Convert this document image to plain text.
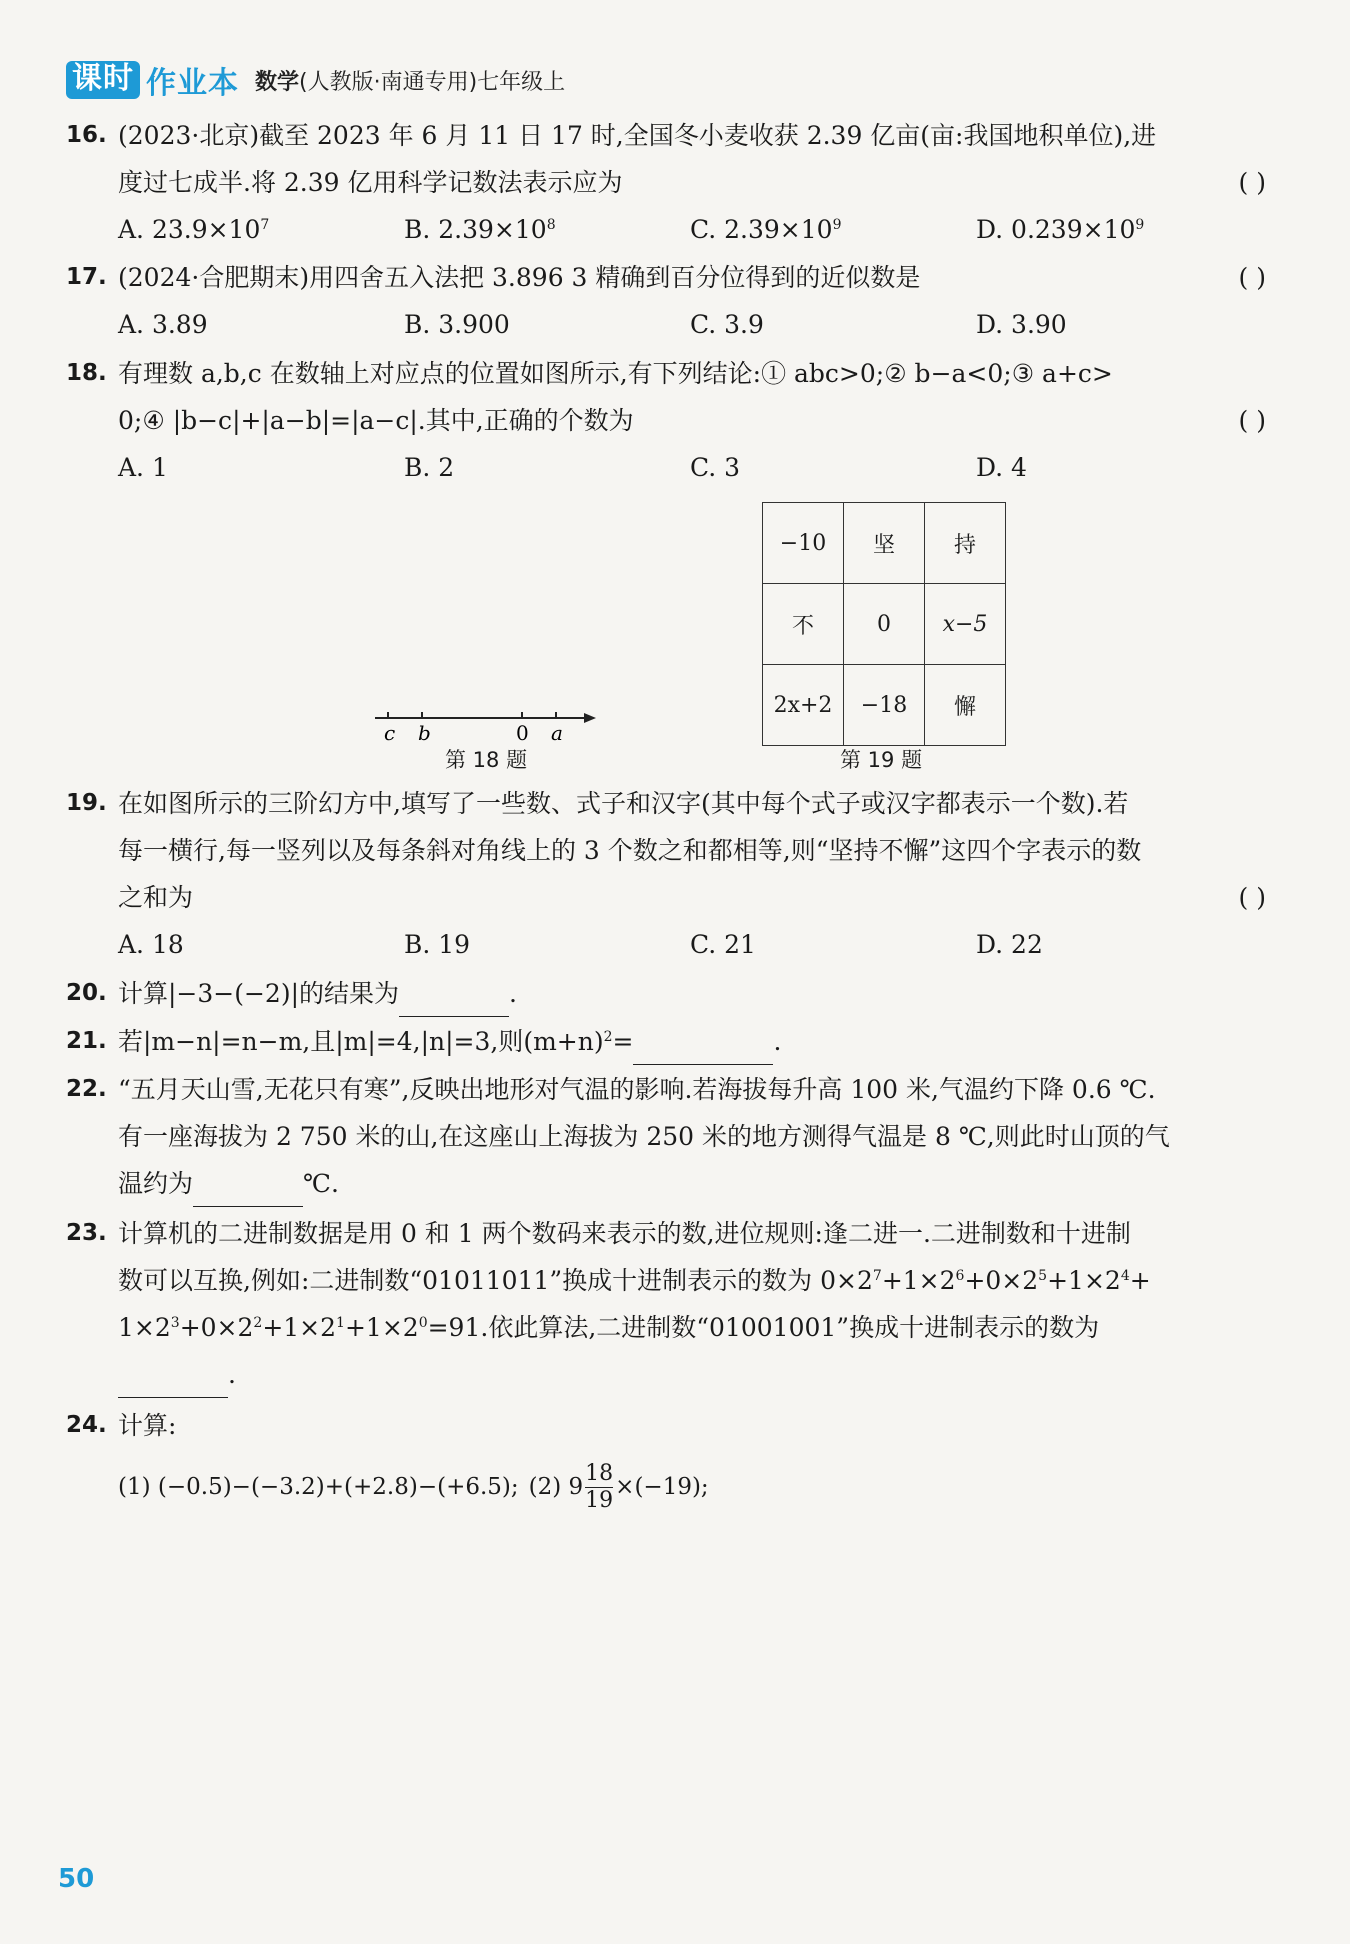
课时 作业本 数学(人教版·南通专用)七年级上
16. (2023·北京)截至 2023 年 6 月 11 日 17 时,全国冬小麦收获 2.39 亿亩(亩:我国地积单位),进
度过七成半.将 2.39 亿用科学记数法表示应为	( )
A. $23.9\times 10^7$	B. $2.39\times 10^8$	C. $2.39\times 10^9$	D. $0.239\times 10^9$
17. (2024·合肥期末)用四舍五入法把 3.896 3 精确到百分位得到的近似数是	( )
A. 3.89	B. 3.900	C. 3.9	D. 3.90
18. 有理数 a,b,c 在数轴上对应点的位置如图所示,有下列结论:① abc>0;② b−a<0;③ a+c>
0;④ |b−c|+|a−b|=|a−c|.其中,正确的个数为	( )
A. 1	B. 2	C. 3	D. 4
c b	0 a
第 18 题
−10	坚	持
不	0	x−5
2x+2	−18	懈
第 19 题
19. 在如图所示的三阶幻方中,填写了一些数、式子和汉字(其中每个式子或汉字都表示一个数).若
每一横行,每一竖列以及每条斜对角线上的 3 个数之和都相等,则“坚持不懈”这四个字表示的数
之和为	( )
A. 18	B. 19	C. 21	D. 22
20. 计算|−3−(−2)|的结果为	.
21. 若|m−n|=n−m,且|m|=4,|n|=3,则$(m+n)^2=$	.
22. “五月天山雪,无花只有寒”,反映出地形对气温的影响.若海拔每升高 100 米,气温约下降 0.6 ℃.
有一座海拔为 2 750 米的山,在这座山上海拔为 250 米的地方测得气温是 8 ℃,则此时山顶的气
温约为	℃.
23. 计算机的二进制数据是用 0 和 1 两个数码来表示的数,进位规则:逢二进一.二进制数和十进制
数可以互换,例如:二进制数“01011011”换成十进制表示的数为 $0\times 2^7+1\times 2^6+0\times 2^5+1\times 2^4+$
$1\times 2^3+0\times 2^2+1\times 2^1+1\times 2^0=91$.依此算法,二进制数“01001001”换成十进制表示的数为
.
24. 计算:
(1) (−0.5)−(−3.2)+(+2.8)−(+6.5); (2) $9 \frac{18}{19} \times(-19)$;
50
